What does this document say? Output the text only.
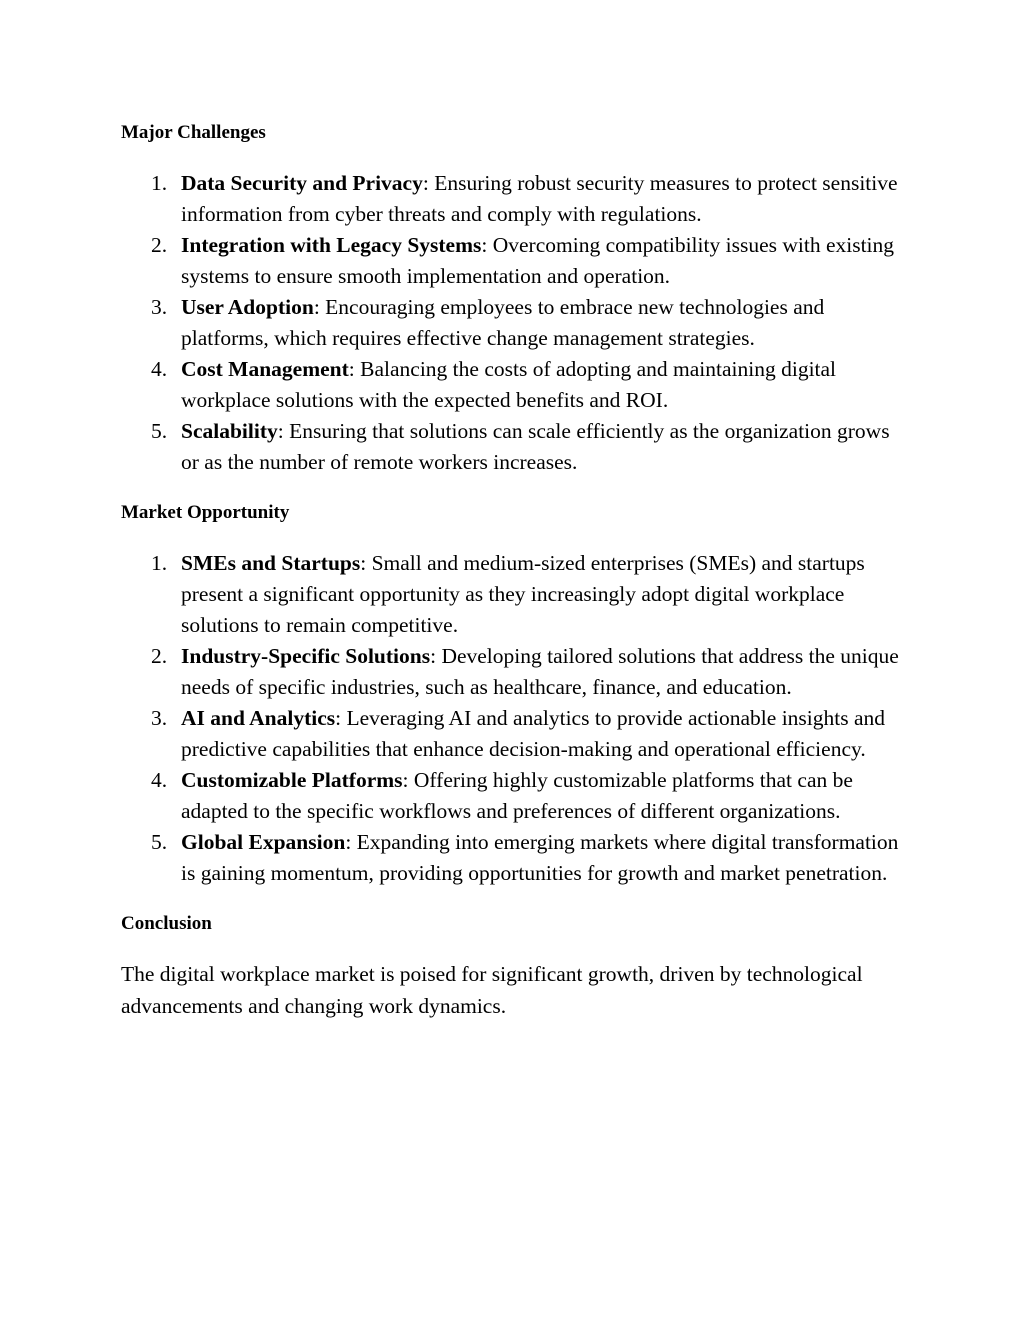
Major Challenges
1. Data Security and Privacy: Ensuring robust security measures to protect sensitive information from cyber threats and comply with regulations.
2. Integration with Legacy Systems: Overcoming compatibility issues with existing systems to ensure smooth implementation and operation.
3. User Adoption: Encouraging employees to embrace new technologies and platforms, which requires effective change management strategies.
4. Cost Management: Balancing the costs of adopting and maintaining digital workplace solutions with the expected benefits and ROI.
5. Scalability: Ensuring that solutions can scale efficiently as the organization grows or as the number of remote workers increases.
Market Opportunity
1. SMEs and Startups: Small and medium-sized enterprises (SMEs) and startups present a significant opportunity as they increasingly adopt digital workplace solutions to remain competitive.
2. Industry-Specific Solutions: Developing tailored solutions that address the unique needs of specific industries, such as healthcare, finance, and education.
3. AI and Analytics: Leveraging AI and analytics to provide actionable insights and predictive capabilities that enhance decision-making and operational efficiency.
4. Customizable Platforms: Offering highly customizable platforms that can be adapted to the specific workflows and preferences of different organizations.
5. Global Expansion: Expanding into emerging markets where digital transformation is gaining momentum, providing opportunities for growth and market penetration.
Conclusion

The digital workplace market is poised for significant growth, driven by technological advancements and changing work dynamics.
